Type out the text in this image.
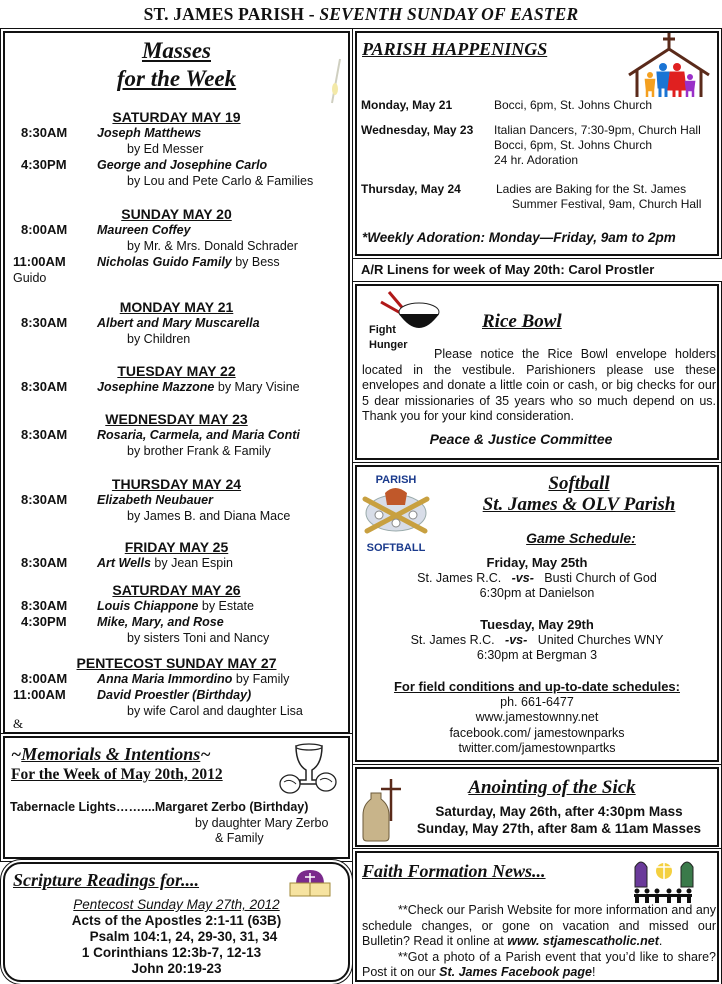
ST. JAMES PARISH - SEVENTH SUNDAY OF EASTER
Masses
for the Week
SATURDAY MAY 19
8:30AM	Joseph Matthews
by Ed Messer
4:30PM	George and Josephine Carlo
by Lou and Pete Carlo & Families
SUNDAY MAY 20
8:00AM	Maureen Coffey
by Mr. & Mrs. Donald Schrader
11:00AM	Nicholas Guido Family by Bess
Guido
MONDAY MAY 21
8:30AM	Albert and Mary Muscarella
by Children
TUESDAY MAY 22
8:30AM	Josephine Mazzone by Mary Visine
WEDNESDAY MAY 23
8:30AM	Rosaria, Carmela, and Maria Conti
by brother Frank & Family
THURSDAY MAY 24
8:30AM	Elizabeth Neubauer
by James B. and Diana Mace
FRIDAY MAY 25
8:30AM	Art Wells by Jean Espin
SATURDAY MAY 26
8:30AM	Louis Chiappone by Estate
4:30PM	Mike, Mary, and Rose
by sisters Toni and Nancy
PENTECOST SUNDAY MAY 27
8:00AM	Anna Maria Immordino by Family
11:00AM	David Proestler (Birthday)
by wife Carol and daughter Lisa
&
~Memorials & Intentions~
For the Week of May 20th, 2012
Tabernacle Lights……....Margaret Zerbo (Birthday)
by daughter Mary Zerbo
& Family
Scripture Readings for....
Pentecost Sunday May 27th, 2012
Acts of the Apostles 2:1-11 (63B)
Psalm 104:1, 24, 29-30, 31, 34
1 Corinthians 12:3b-7, 12-13
John 20:19-23
PARISH HAPPENINGS
Monday, May 21	Bocci, 6pm, St. Johns Church
Wednesday, May 23 Italian Dancers, 7:30-9pm, Church Hall
Bocci, 6pm, St. Johns Church
24 hr. Adoration
Thursday, May 24	Ladies are Baking for the St. James
Summer Festival, 9am, Church Hall
*Weekly Adoration: Monday—Friday, 9am to 2pm
A/R Linens for week of May 20th: Carol Prostler
Fight
Hunger
Rice Bowl
Please notice the Rice Bowl envelope holders located in the vestibule. Parishioners please use these envelopes and donate a little coin or cash, or big checks for our 5 dear missionaries of 35 years who so much depend on us. Thank you for your kind consideration.
Peace & Justice Committee
PARISH
SOFTBALL
Softball
St. James & OLV Parish
Game Schedule:
Friday, May 25th
St. James R.C. -vs- Busti Church of God
6:30pm at Danielson
Tuesday, May 29th
St. James R.C. -vs- United Churches WNY
6:30pm at Bergman 3
For field conditions and up-to-date schedules:
ph. 661-6477
www.jamestownny.net
facebook.com/ jamestownparks
twitter.com/jamestownpartks
Anointing of the Sick
Saturday, May 26th, after 4:30pm Mass
Sunday, May 27th, after 8am & 11am Masses
Faith Formation News...

**Check our Parish Website for more information and any schedule changes, or gone on vacation and missed our Bulletin? Read it online at www. stjamescatholic.net.

**Got a photo of a Parish event that you’d like to share? Post it on our St. James Facebook page!
